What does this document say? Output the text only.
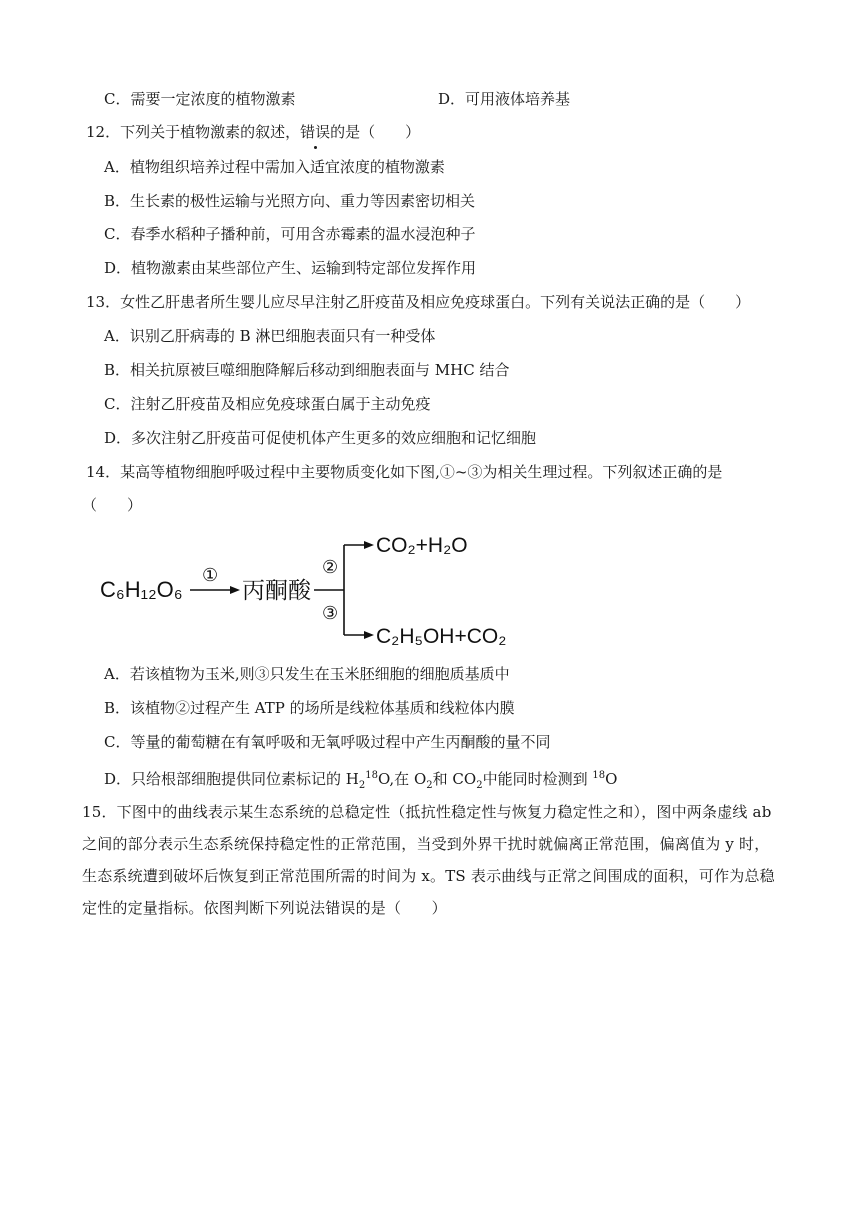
C．需要一定浓度的植物激素	D．可用液体培养基
12．下列关于植物激素的叙述，错误的是（　　）
A．植物组织培养过程中需加入适宜浓度的植物激素
B．生长素的极性运输与光照方向、重力等因素密切相关
C．春季水稻种子播种前，可用含赤霉素的温水浸泡种子
D．植物激素由某些部位产生、运输到特定部位发挥作用
13．女性乙肝患者所生婴儿应尽早注射乙肝疫苗及相应免疫球蛋白。下列有关说法正确的是（　　）
A．识别乙肝病毒的 B 淋巴细胞表面只有一种受体
B．相关抗原被巨噬细胞降解后移动到细胞表面与 MHC 结合
C．注射乙肝疫苗及相应免疫球蛋白属于主动免疫
D．多次注射乙肝疫苗可促使机体产生更多的效应细胞和记忆细胞
14．某高等植物细胞呼吸过程中主要物质变化如下图,①~③为相关生理过程。下列叙述正确的是
（　　）
C₆H₁₂O₆
①
丙酮酸
②
③
CO₂+H₂O
C₂H₅OH+CO₂
A．若该植物为玉米,则③只发生在玉米胚细胞的细胞质基质中
B．该植物②过程产生 ATP 的场所是线粒体基质和线粒体内膜
C．等量的葡萄糖在有氧呼吸和无氧呼吸过程中产生丙酮酸的量不同
D．只给根部细胞提供同位素标记的 $H_2^{18}O$,在 $O_2$和 $CO_2$中能同时检测到 $^{18}$O
15．下图中的曲线表示某生态系统的总稳定性（抵抗性稳定性与恢复力稳定性之和），图中两条虚线 ab 之间的部分表示生态系统保持稳定性的正常范围，当受到外界干扰时就偏离正常范围，偏离值为 y 时，生态系统遭到破坏后恢复到正常范围所需的时间为 x。TS 表示曲线与正常之间围成的面积，可作为总稳定性的定量指标。依图判断下列说法错误的是（　　）
